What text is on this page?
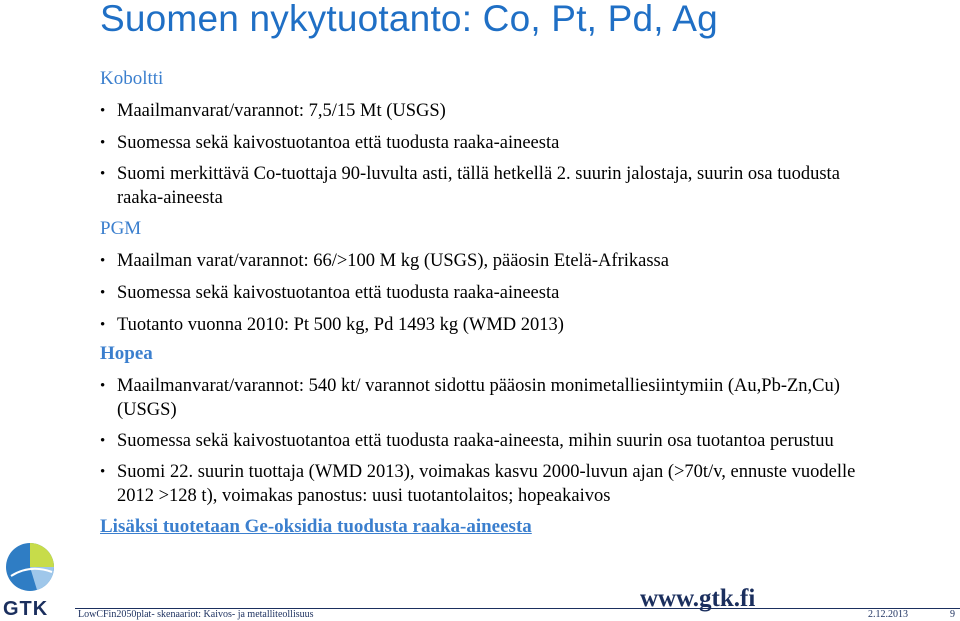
Suomen nykytuotanto: Co, Pt, Pd, Ag
Koboltti
• Maailmanvarat/varannot: 7,5/15 Mt (USGS)
• Suomessa sekä kaivostuotantoa että tuodusta raaka-aineesta
• Suomi merkittävä Co-tuottaja 90-luvulta asti, tällä hetkellä 2. suurin jalostaja, suurin osa tuodusta raaka-aineesta
PGM
• Maailman varat/varannot: 66/>100 M kg (USGS), pääosin Etelä-Afrikassa
• Suomessa sekä kaivostuotantoa että tuodusta raaka-aineesta
• Tuotanto vuonna 2010: Pt 500 kg, Pd 1493 kg (WMD 2013)
Hopea
• Maailmanvarat/varannot: 540 kt/ varannot sidottu pääosin monimetalliesiintymiin (Au,Pb-Zn,Cu)(USGS)
• Suomessa sekä kaivostuotantoa että tuodusta raaka-aineesta, mihin suurin osa tuotantoa perustuu
• Suomi 22. suurin tuottaja (WMD 2013), voimakas kasvu 2000-luvun ajan (>70t/v, ennuste vuodelle 2012 >128 t), voimakas panostus: uusi tuotantolaitos; hopeakaivos
Lisäksi tuotetaan Ge-oksidia tuodusta raaka-aineesta
GTK	www.gtk.fi
LowCFin2050plat- skenaariot: Kaivos- ja metalliteollisuus	2.12.2013	9
